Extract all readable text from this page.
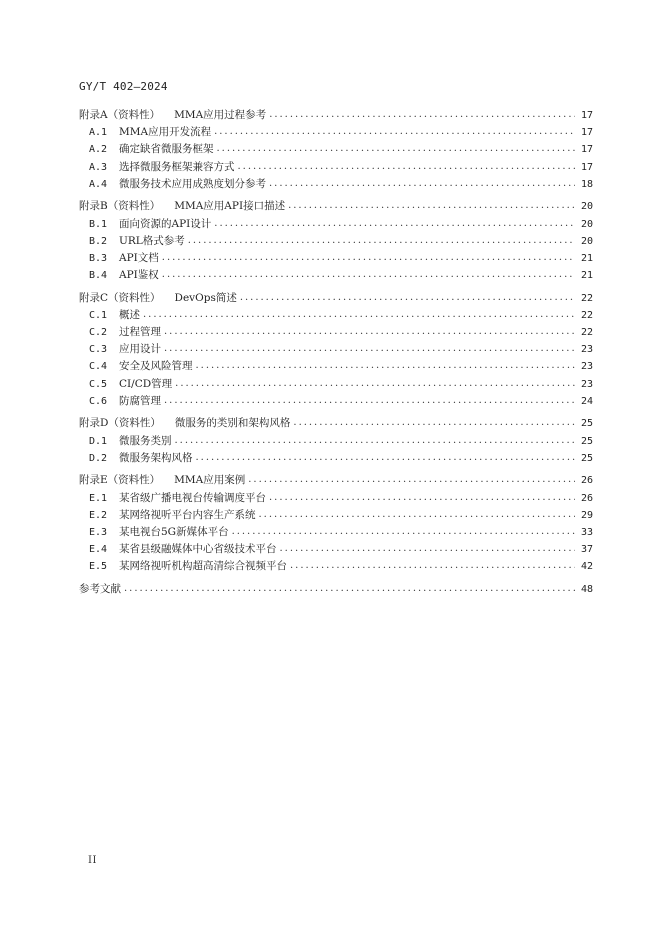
GY/T 402—2024
附录A（资料性）	MMA应用过程参考 . . .	17
A.1	MMA应用开发流程 . . .	17
A.2	确定缺省微服务框架 . . .	17
A.3	选择微服务框架兼容方式 . . .	17
A.4	微服务技术应用成熟度划分参考 . . .	18
附录B（资料性）	MMA应用API接口描述 . . .	20
B.1	面向资源的API设计 . . .	20
B.2	URL格式参考 . . .	20
B.3	API文档 . . .	21
B.4	API鉴权 . . .	21
附录C（资料性）	DevOps简述 . . .	22
C.1	概述 . . .	22
C.2	过程管理 . . .	22
C.3	应用设计 . . .	23
C.4	安全及风险管理 . . .	23
C.5	CI/CD管理 . . .	23
C.6	防腐管理 . . .	24
附录D（资料性）	微服务的类别和架构风格 . . .	25
D.1	微服务类别 . . .	25
D.2	微服务架构风格 . . .	25
附录E（资料性）	MMA应用案例 . . .	26
E.1	某省级广播电视台传输调度平台 . . .	26
E.2	某网络视听平台内容生产系统 . . .	29
E.3	某电视台5G新媒体平台 . . .	33
E.4	某省县级融媒体中心省级技术平台 . . .	37
E.5	某网络视听机构超高清综合视频平台 . . .	42
参考文献 . . .	48
II
